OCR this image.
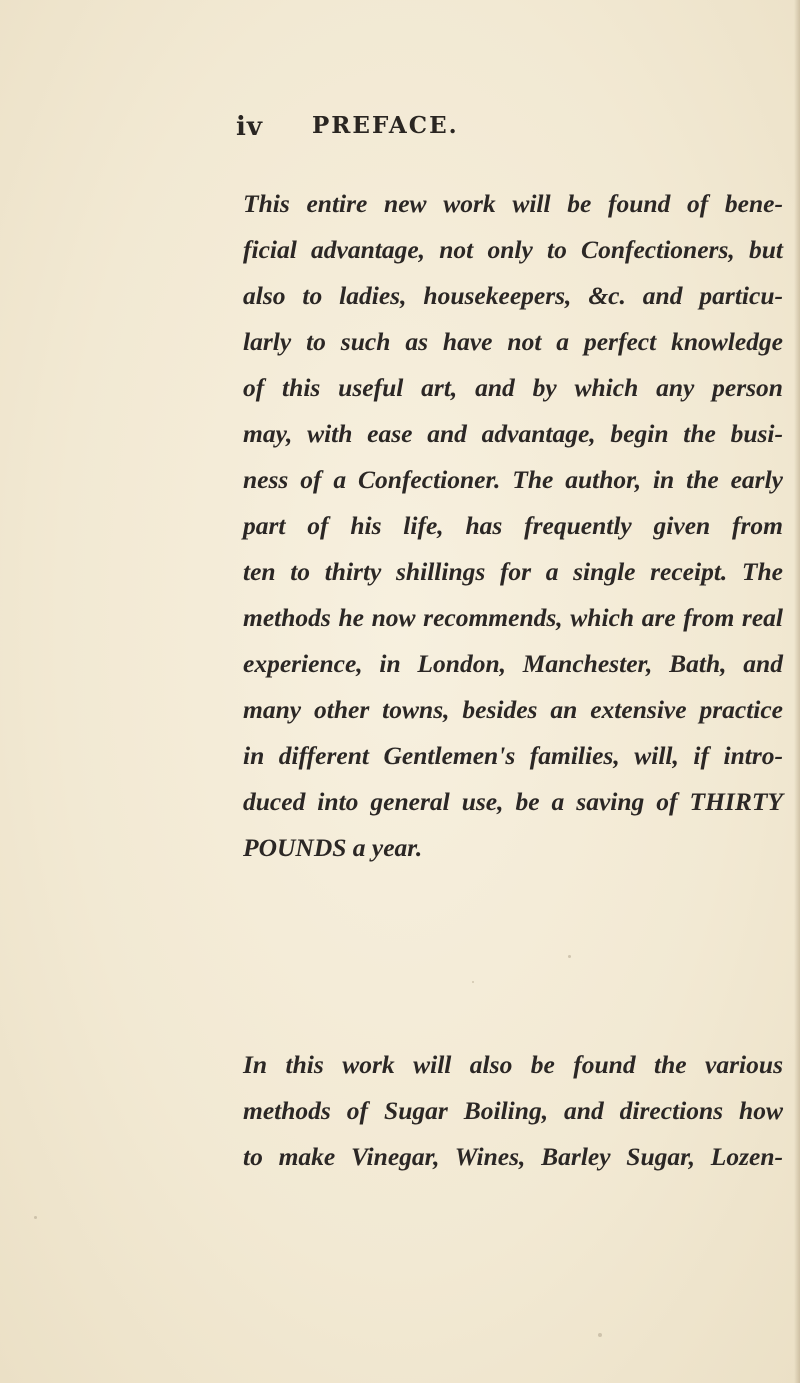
iv PREFACE.
This entire new work will be found of bene-
ficial advantage, not only to Confectioners, but
also to ladies, housekeepers, &c. and particu-
larly to such as have not a perfect knowledge
of this useful art, and by which any person
may, with ease and advantage, begin the busi-
ness of a Confectioner. The author, in the early
part of his life, has frequently given from
ten to thirty shillings for a single receipt. The
methods he now recommends, which are from real
experience, in London, Manchester, Bath, and
many other towns, besides an extensive practice
in different Gentlemen's families, will, if intro-
duced into general use, be a saving of THIRTY
POUNDS a year.
In this work will also be found the various
methods of Sugar Boiling, and directions how
to make Vinegar, Wines, Barley Sugar, Lozen-
